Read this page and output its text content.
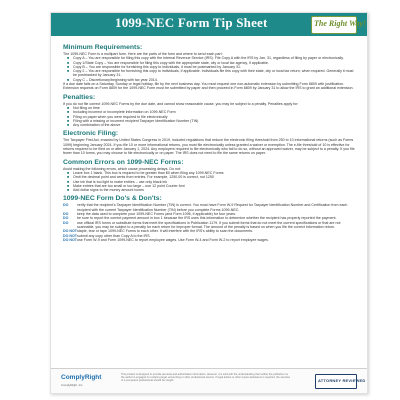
1099-NEC Form Tip Sheet	The Right Way!
Minimum Requirements:
The 1099-NEC Form is a multipart form. Here are the parts of the form and where to send each part:
■ Copy A – You are responsible for filing this copy with the Internal Revenue Service (IRS). File Copy A with the IRS by Jan. 31, regardless of filing by paper or electronically.
■ Copy 1/State Copy – You are responsible for filing this copy with the appropriate state, city or local tax agency, if applicable.
■ Copy B – You are responsible for furnishing this copy to individuals, it must be postmarked by January 31.
■ Copy 2 – You are responsible for furnishing this copy to individuals, if applicable. Individuals file this copy with their state, city or local tax return, when required. Generally it must be postmarked by January 31.
■ Copy C – Discretionary/beginning with tax year 2014.
If a due date falls on a Saturday, Sunday or legal holiday, file by the next business day. You must request one non-automatic extension by submitting Form 8809 with justification. Extension requests on Form 8809 for the 1099-NEC Form must be submitted by paper and then proceed in Form 8809 by January 31 to allow the IRS to grant an additional extension.
Penalties:
If you do not file correct 1099-NEC Forms by the due date, and cannot show reasonable cause, you may be subject to a penalty. Penalties apply for:
■ Not filing on time
■ Including incorrect or incomplete information on 1099-NEC Form
■ Filing on paper when you were required to file electronically
■ Filing with a missing or incorrect recipient Taxpayer Identification Number (TIN)
■ Any combination of the above
Electronic Filing:
The Taxpayer First Act, enacted by United States Congress in 2019, included regulations that reduce the electronic filing threshold from 250 to 10 informational returns (such as Forms 1099) beginning January 2024. If you file 10 or more informational returns, you must file electronically unless granted a waiver or exemption. The e-file threshold of 10 is effective for returns required to be filed on or after January 1, 2024. Any employers required to file electronically who fail to do so, without an approved waiver, may be subject to a penalty. If you file fewer than 10 forms, you may choose to file electronically or on paper. The IRS does not need to file the same returns on paper.
Common Errors on 1099-NEC Forms:
Avoid making the following errors, which cause processing delays. Do not:
■ Leave box 1 blank. This box is required to be greater than $0 when filing any 1099-NEC Forms
■ Omit the decimal point and cents from entries. For example, 1250.00 is correct, not 1250
■ Use ink that is too light to make entries – use only black ink
■ Make entries that are too small or too large – use 12 point Courier font
■ Add dollar signs to the money amount boxes
1099-NEC Form Do's & Don'ts:
DO verify that the recipient's Taxpayer Identification Number (TIN) is correct. You must have Form W-9 Request for Taxpayer Identification Number and Certification from each recipient with the current Taxpayer Identification Number (TIN) before you complete Forms 1099-NEC.
DO keep the data used to complete your 1099-NEC Forms (and Form 1096, if applicable) for four years.
DO be sure to report the correct payment amount in box 1 because the IRS uses this information to determine whether the recipient has properly reported the payment.
DO use official IRS forms or substitute forms that meet the specifications in Publication 1179. If you submit forms that do not meet the current specifications or that are not scannable, you may be subject to a penalty for each return for improper format. The amount of the penalty is based on when you file the correct information return.
DO NOT staple, tear or tape 1099-NEC Forms to each other. It will interfere with the IRS's ability to scan the documents.
DO NOT submit any copy other than Copy A to the IRS.
DO NOT use Form W-9 and Form 1099-NEC to report employee wages. Use Form W-4 and Form W-2 to report employee wages.
ComplyRight
ComplyRight, Inc.
This product is designed to provide accurate and authoritative information. However, it is sold with the understanding that neither the publisher nor the author is engaged in rendering legal, accounting or other professional service. If legal advice or other expert assistance is required, the services of a competent professional should be sought.	ATTORNEY REVIEWED
